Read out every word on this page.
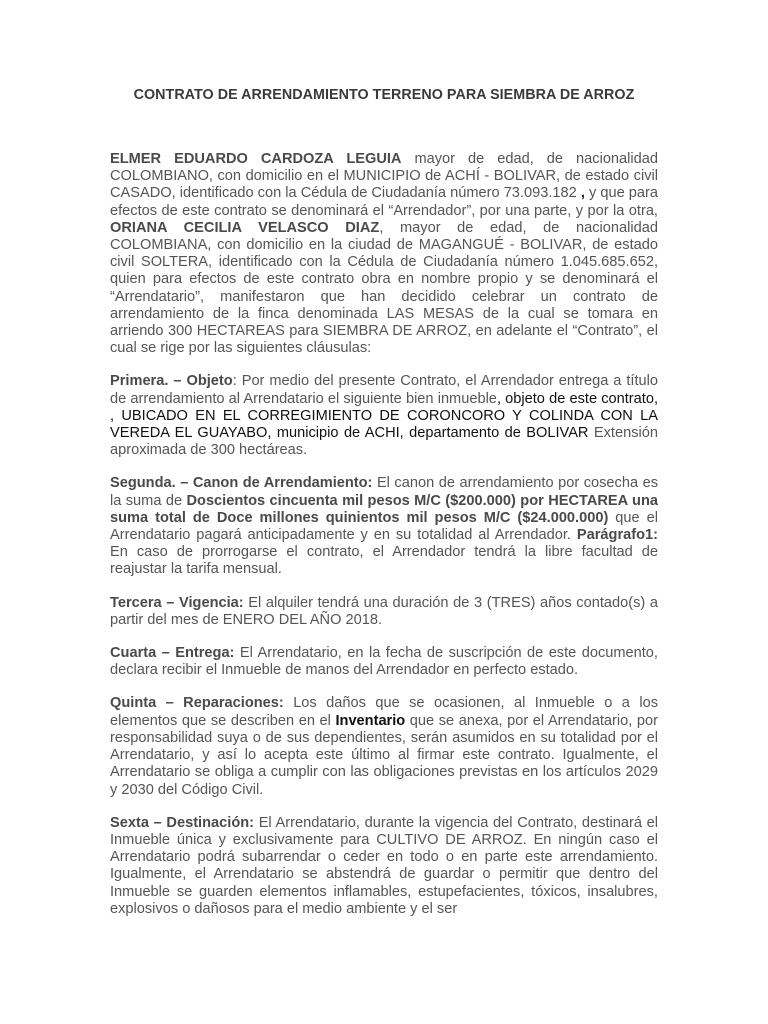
CONTRATO DE ARRENDAMIENTO TERRENO PARA SIEMBRA DE ARROZ

ELMER EDUARDO CARDOZA LEGUIA mayor de edad, de nacionalidad COLOMBIANO, con domicilio en el MUNICIPIO de ACHÍ - BOLIVAR, de estado civil CASADO, identificado con la Cédula de Ciudadanía número 73.093.182 , y que para efectos de este contrato se denominará el “Arrendador”, por una parte, y por la otra, ORIANA CECILIA VELASCO DIAZ, mayor de edad, de nacionalidad COLOMBIANA, con domicilio en la ciudad de MAGANGUÉ - BOLIVAR, de estado civil SOLTERA, identificado con la Cédula de Ciudadanía número 1.045.685.652, quien para efectos de este contrato obra en nombre propio y se denominará el “Arrendatario”, manifestaron que han decidido celebrar un contrato de arrendamiento de la finca denominada LAS MESAS de la cual se tomara en arriendo 300 HECTAREAS para SIEMBRA DE ARROZ, en adelante el “Contrato”, el cual se rige por las siguientes cláusulas:

Primera. – Objeto: Por medio del presente Contrato, el Arrendador entrega a título de arrendamiento al Arrendatario el siguiente bien inmueble, objeto de este contrato, , UBICADO EN EL CORREGIMIENTO DE CORONCORO Y COLINDA CON LA VEREDA EL GUAYABO, municipio de ACHI, departamento de BOLIVAR Extensión aproximada de 300 hectáreas.

Segunda. – Canon de Arrendamiento: El canon de arrendamiento por cosecha es la suma de Doscientos cincuenta mil pesos M/C ($200.000) por HECTAREA una suma total de Doce millones quinientos mil pesos M/C ($24.000.000) que el Arrendatario pagará anticipadamente y en su totalidad al Arrendador. Parágrafo1: En caso de prorrogarse el contrato, el Arrendador tendrá la libre facultad de reajustar la tarifa mensual.

Tercera – Vigencia: El alquiler tendrá una duración de 3 (TRES) años contado(s) a partir del mes de ENERO DEL AÑO 2018.

Cuarta – Entrega: El Arrendatario, en la fecha de suscripción de este documento, declara recibir el Inmueble de manos del Arrendador en perfecto estado.

Quinta – Reparaciones: Los daños que se ocasionen, al Inmueble o a los elementos que se describen en el Inventario que se anexa, por el Arrendatario, por responsabilidad suya o de sus dependientes, serán asumidos en su totalidad por el Arrendatario, y así lo acepta este último al firmar este contrato. Igualmente, el Arrendatario se obliga a cumplir con las obligaciones previstas en los artículos 2029 y 2030 del Código Civil.

Sexta – Destinación: El Arrendatario, durante la vigencia del Contrato, destinará el Inmueble única y exclusivamente para CULTIVO DE ARROZ. En ningún caso el Arrendatario podrá subarrendar o ceder en todo o en parte este arrendamiento. Igualmente, el Arrendatario se abstendrá de guardar o permitir que dentro del Inmueble se guarden elementos inflamables, estupefacientes, tóxicos, insalubres, explosivos o dañosos para el medio ambiente y el ser
